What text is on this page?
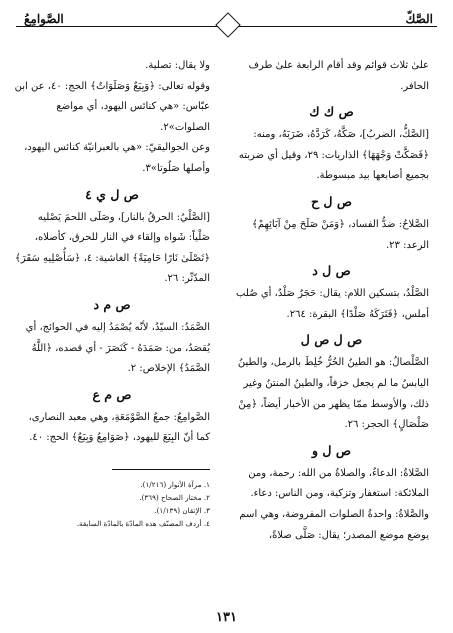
الصَّكّ
الصَّوامِعُ

علىٰ ثلاث قوائم وقد أقام الرابعة علىٰ طرف الحافر.

ص ك ك

[الصَّكُّ، الضربُ]، صَكَّهُ، كَرَدَّهُ، ضَرَبَهُ، ومنه: ﴿فَصَكَّتْ وَجْهَهَا﴾ الذاريات: ٢٩، وقيل أي ضربته بجميع أصابعها بيد مبسوطة.

ص ل ح

الصَّلاحُ: ضدُّ الفساد، ﴿وَمَنْ صَلَحَ مِنْ آبَائِهِمْ﴾ الرعد: ٢٣.

ص ل د

الصَّلْدُ، بتسكين اللام: يقال: حَجَرٌ صَلْدٌ، أي صُلب أملس، ﴿فَتَرَكَهُ صَلْدًا﴾ البقرة: ٢٦٤.

ص ل ص ل

الصَّلْصالُ: هو الطينُ الحُرُّ خُلِطَ بالرمل، والطينُ اليابسُ ما لم يجعل خزفاً، والطينُ المنتنُ وغير ذلك، والأوسط ممّا يظهر من الأخبار أيضاً، ﴿مِنْ صَلْصَالٍ﴾ الحجر: ٢٦.

ص ل و

الصَّلاةُ: الدعاءُ، والصلاةُ من الله: رحمة، ومن الملائكة: استغفار وتزكية، ومن الناس: دعاء.

والصَّلاةُ: واحدةُ الصلوات المفروضة، وهي اسم يوضع موضع المصدر؛ يقال: صَلَّى صلاةً،

ولا يقال: تصلية.

وقوله تعالى: ﴿وَبِيَعٌ وَصَلَوَاتٌ﴾ الحج: ٤٠، عن ابن عبّاس: «هي كنائس اليهود، أي مواضع الصلوات»٢.

وعن الجواليقيّ: «هي بالعبرانيّة كنائس اليهود، وأصلها صَلُوتا»٣.

ص ل ي ٤

[الصَّلْيُ: الحرقُ بالنار]، وصَلَى اللحمَ يَصْليه صَلْياً: شَواه وإلقاء في النار للحرق، كأصلاه، ﴿تَصْلَىٰ نَارًا حَامِيَةً﴾ الغاشية: ٤، ﴿سَأُصْلِيهِ سَقَرَ﴾ المدّثّر: ٢٦.

ص م د

الصَّمَدُ: السيّدُ، لأنّه يُصْمَدُ إليه في الحوائج، أي يُقصَدُ، من: صَمَدَهُ - كَنَصَرَ - أي قصده، ﴿اللَّهُ الصَّمَدُ﴾ الإخلاص: ٢.

ص م ع

الصَّوامِعُ: جمعُ الصَّوْمَعَةِ، وهي معبد النصارى، كما أنّ البِيَعَ لليهود، ﴿صَوَامِعُ وَبِيَعٌ﴾ الحج: ٤٠.

١. مرآة الأنوار (١/٢١٦).
٢. مختار الصحاح (٣٦٩).
٣. الإتقان (١/١٣٩).
٤. أردف المصنّف هذه المادّة بالمادّة السابقة.
١٣١
